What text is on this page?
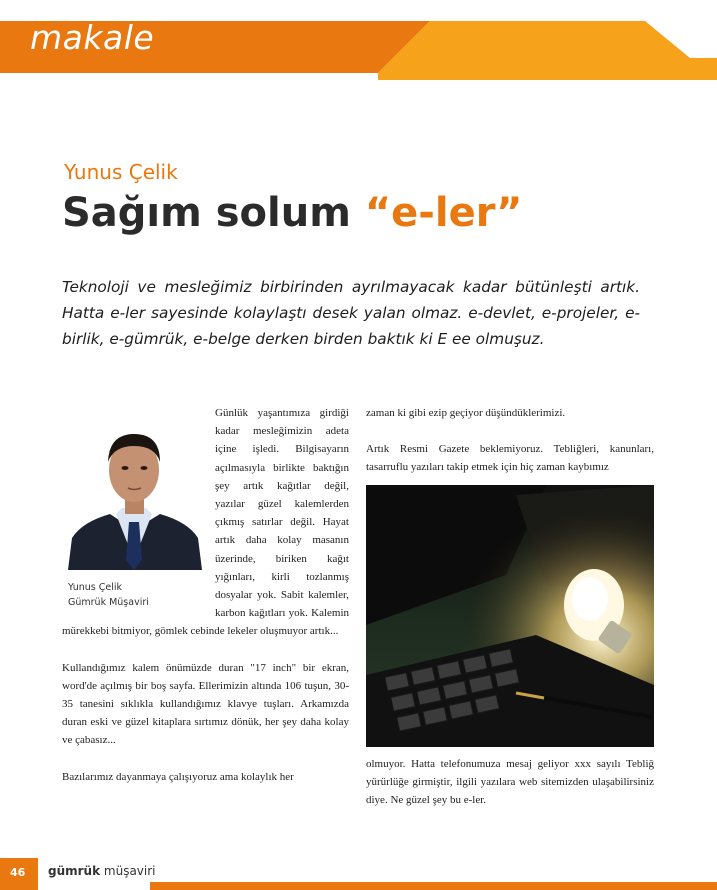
makale
Yunus Çelik
Sağım solum “e-ler”

Teknoloji ve mesleğimiz birbirinden ayrılmayacak kadar bütünleşti artık. Hatta e-ler sayesinde kolaylaştı desek yalan olmaz. e-devlet, e-projeler, e-birlik, e-gümrük, e-belge derken birden baktık ki E ee olmuşuz.

Yunus Çelik
Gümrük Müşaviri

Günlük yaşantımıza girdiği kadar mesleğimizin adeta içine işledi. Bilgisayarın açılmasıyla birlikte baktığın şey artık kağıtlar değil, yazılar güzel kalemlerden çıkmış satırlar değil. Hayat artık daha kolay masanın üzerinde, biriken kağıt yığınları, kirli tozlanmış dosyalar yok. Sabit kalemler, karbon kağıtları yok. Kalemin mürekkebi bitmiyor, gömlek cebinde lekeler oluşmuyor artık...

Kullandığımız kalem önümüzde duran "17 inch" bir ekran, word'de açılmış bir boş sayfa. Ellerimizin altında 106 tuşun, 30-35 tanesini sıklıkla kullandığımız klavye tuşları. Arkamızda duran eski ve güzel kitaplara sırtımız dönük, her şey daha kolay ve çabasız...

Bazılarımız dayanmaya çalışıyoruz ama kolaylık her

zaman ki gibi ezip geçiyor düşündüklerimizi.

Artık Resmi Gazete beklemiyoruz. Tebliğleri, kanunları, tasarruflu yazıları takip etmek için hiç zaman kaybımız

olmuyor. Hatta telefonumuza mesaj geliyor xxx sayılı Tebliğ yürürlüğe girmiştir, ilgili yazılara web sitemizden ulaşabilirsiniz diye. Ne güzel şey bu e-ler.

46 gümrük müşaviri
